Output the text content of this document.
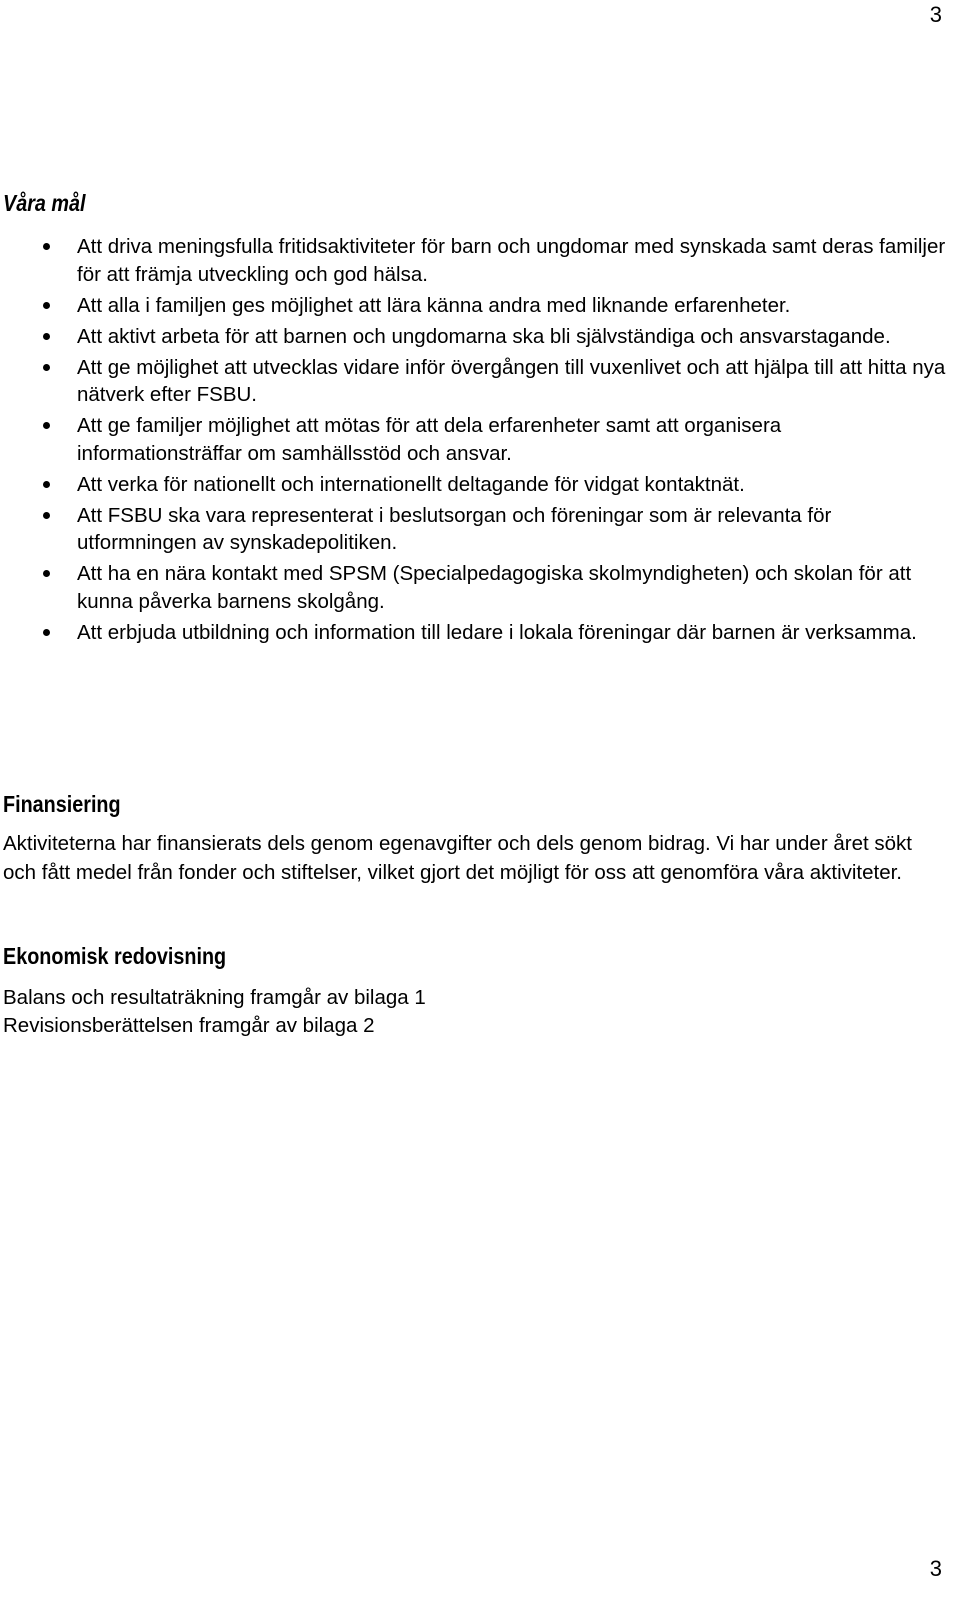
3
Våra mål
Att driva meningsfulla fritidsaktiviteter för barn och ungdomar med synskada samt deras familjer för att främja utveckling och god hälsa.
Att alla i familjen ges möjlighet att lära känna andra med liknande erfarenheter.
Att aktivt arbeta för att barnen och ungdomarna ska bli självständiga och ansvarstagande.
Att ge möjlighet att utvecklas vidare inför övergången till vuxenlivet och att hjälpa till att hitta nya nätverk efter FSBU.
Att ge familjer möjlighet att mötas för att dela erfarenheter samt att organisera informationsträffar om samhällsstöd och ansvar.
Att verka för nationellt och internationellt deltagande för vidgat kontaktnät.
Att FSBU ska vara representerat i beslutsorgan och föreningar som är relevanta för utformningen av synskadepolitiken.
Att ha en nära kontakt med SPSM (Specialpedagogiska skolmyndigheten) och skolan för att kunna påverka barnens skolgång.
Att erbjuda utbildning och information till ledare i lokala föreningar där barnen är verksamma.
Finansiering

Aktiviteterna har finansierats dels genom egenavgifter och dels genom bidrag. Vi har under året sökt och fått medel från fonder och stiftelser, vilket gjort det möjligt för oss att genomföra våra aktiviteter.

Ekonomisk redovisning

Balans och resultaträkning framgår av bilaga 1

Revisionsberättelsen framgår av bilaga 2

3
